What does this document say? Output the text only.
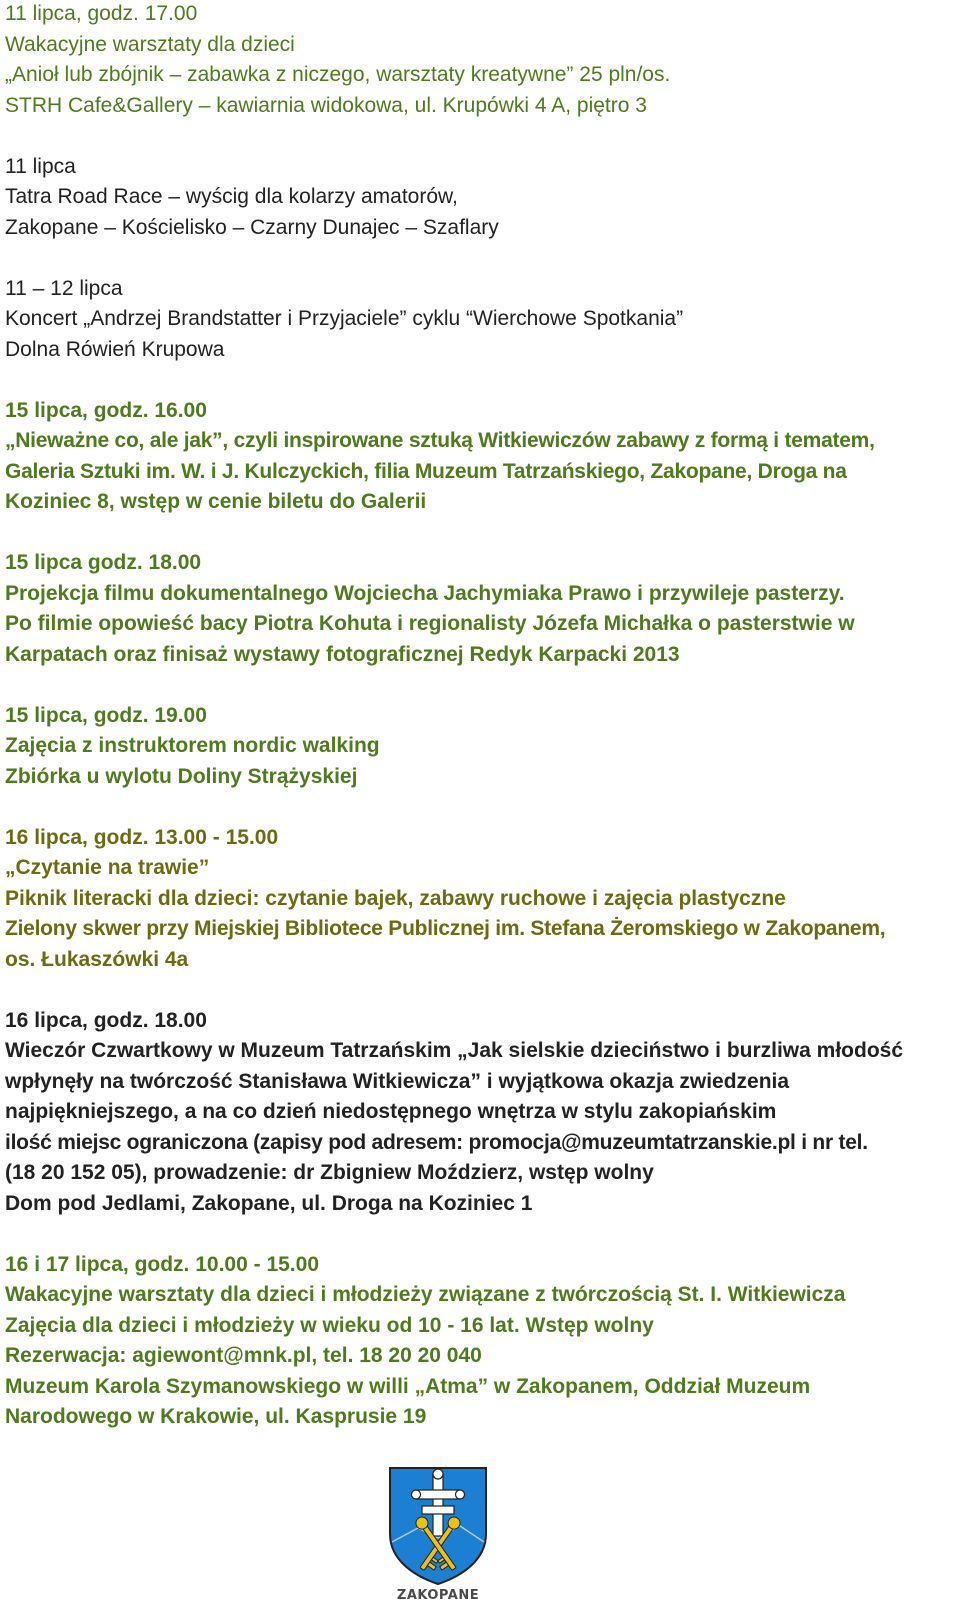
11 lipca, godz. 17.00
Wakacyjne warsztaty dla dzieci
„Anioł lub zbójnik – zabawka z niczego, warsztaty kreatywne” 25 pln/os.
STRH Cafe&Gallery – kawiarnia widokowa, ul. Krupówki 4 A, piętro 3
11 lipca
Tatra Road Race – wyścig dla kolarzy amatorów,
Zakopane – Kościelisko – Czarny Dunajec – Szaflary
11 – 12 lipca
Koncert „Andrzej Brandstatter i Przyjaciele” cyklu “Wierchowe Spotkania”
Dolna Rówień Krupowa
15 lipca, godz. 16.00
„Nieważne co, ale jak”, czyli inspirowane sztuką Witkiewiczów zabawy z formą i tematem,
Galeria Sztuki im. W. i J. Kulczyckich, filia Muzeum Tatrzańskiego, Zakopane, Droga na
Koziniec 8, wstęp w cenie biletu do Galerii
15 lipca godz. 18.00
Projekcja filmu dokumentalnego Wojciecha Jachymiaka Prawo i przywileje pasterzy.
Po filmie opowieść bacy Piotra Kohuta i regionalisty Józefa Michałka o pasterstwie w
Karpatach oraz finisaż wystawy fotograficznej Redyk Karpacki 2013
15 lipca, godz. 19.00
Zajęcia z instruktorem nordic walking
Zbiórka u wylotu Doliny Strążyskiej
16 lipca, godz. 13.00 - 15.00
„Czytanie na trawie”
Piknik literacki dla dzieci: czytanie bajek, zabawy ruchowe i zajęcia plastyczne
Zielony skwer przy Miejskiej Bibliotece Publicznej im. Stefana Żeromskiego w Zakopanem,
os. Łukaszówki 4a
16 lipca, godz. 18.00
Wieczór Czwartkowy w Muzeum Tatrzańskim „Jak sielskie dzieciństwo i burzliwa młodość
wpłynęły na twórczość Stanisława Witkiewicza” i wyjątkowa okazja zwiedzenia
najpiękniejszego, a na co dzień niedostępnego wnętrza w stylu zakopiańskim
ilość miejsc ograniczona (zapisy pod adresem: promocja@muzeumtatrzanskie.pl i nr tel.
(18 20 152 05), prowadzenie: dr Zbigniew Moździerz, wstęp wolny
Dom pod Jedlami, Zakopane, ul. Droga na Koziniec 1
16 i 17 lipca, godz. 10.00 - 15.00
Wakacyjne warsztaty dla dzieci i młodzieży związane z twórczością St. I. Witkiewicza
Zajęcia dla dzieci i młodzieży w wieku od 10 - 16 lat. Wstęp wolny
Rezerwacja: agiewont@mnk.pl, tel. 18 20 20 040
Muzeum Karola Szymanowskiego w willi „Atma” w Zakopanem, Oddział Muzeum
Narodowego w Krakowie, ul. Kasprusie 19
ZAKOPANE
